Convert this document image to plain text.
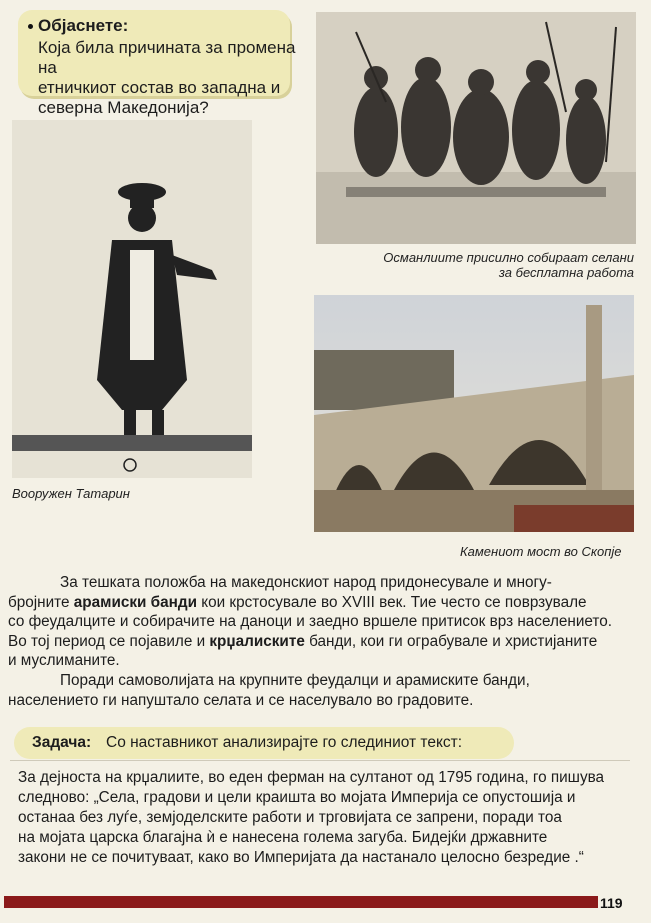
Објаснете:
Која била причината за промена на
етничкиот состав во западна и
северна Македонија?
Османлиите присилно собираат селани
за бесплатна работа
Вооружен Татарин
Камениот мост во Скопје
За тешката положба на македонскиот народ придонесувале и многу-
бројните арамиски банди кои крстосувале во XVIII век. Тие често се поврзувале
со феудалците и собирачите на даноци и заедно вршеле притисок врз населението.
Во тој период се појавиле и крџалиските банди, кои ги ограбувале и христијаните
и муслиманите.
Поради самоволијата на крупните феудалци и арамиските банди,
населението ги напуштало селата и се населувало во градовите.
Задача: Со наставникот анализирајте го слединиот текст:
За дејноста на крџалиите, во еден ферман на султанот од 1795 година, го пишува
следново: „Села, градови и цели краишта во мојата Империја се опустошија и
останаа без луѓе, земјоделските работи и трговијата се запрени, поради тоа
на мојата царска благајна ѝ е нанесена голема загуба. Бидејќи државните
закони не се почитуваат, како во Империјата да настанало целосно безредие .“
119
